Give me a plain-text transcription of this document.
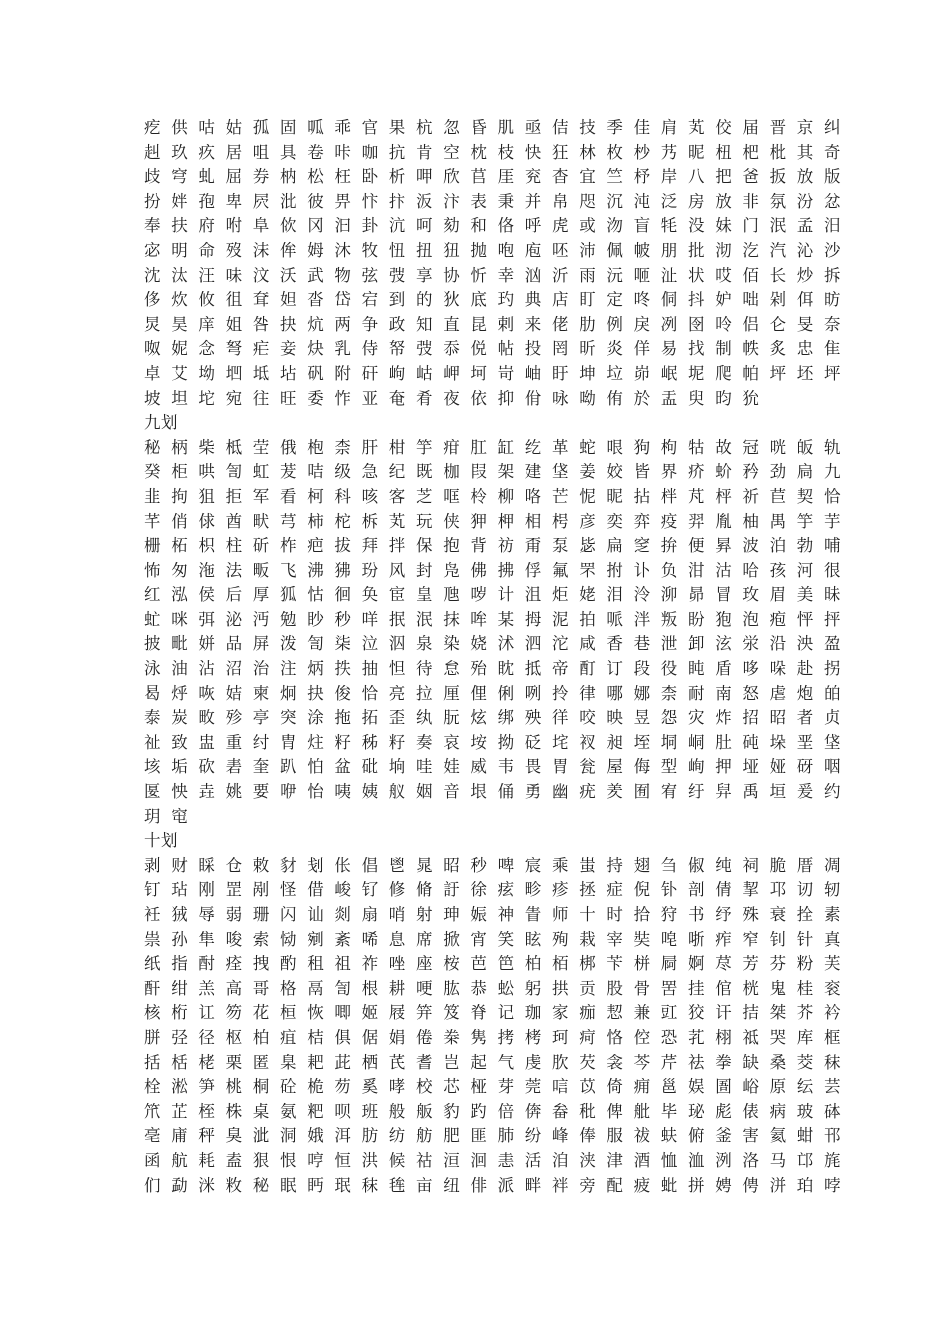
疙供咕姑孤固呱乖官果杭忽昏肌亟佶技季佳肩芄佼届晋京纠
赳玖疚居咀具卷咔咖抗肯空枕枝快狂林枚杪艿昵杻杷枇其奇
歧穹虬屈券枘松枉卧析呷欣苢厓兖杳宜竺杼岸八把爸扳放版
扮姅孢卑屄沘彼畀忭抃汳汴表秉并帛咫沉沌泛房放非氛汾忿
奉扶府咐阜佽冈汩卦沆呵劾和佫呼虎或沕盲牦没妹门泯孟汨
宓明命歿沫侔姆沐牧忸扭狃抛咆庖呸沛佩帔朋批沏汔汽沁沙
沈汰汪味汶沃武物弦弢享协忻幸汹沂雨沅咂沚状哎佰长炒拆
侈炊攸徂耷妲沓岱宕到的狄底玓典店盯定咚侗抖妒咄剁佴昉
炅昊庠姐咎抉炕两争政知直昆剌来佬肋例戾冽囹呤侣仑旻奈
呶妮念弩疟妾炔乳侍帑弢忝侻帖投罔昕炎佯易找制帙炙忠隹
卓艾坳垇坻坫矾附矸岣岵岬坷岢岫盱坤垃峁岷坭爬帕坪坯坪
坡坦坨宛往旺委怍亚奄肴夜依抑佾咏呦侑於盂臾昀狁
九划
秘柄柴柢茔俄枹柰肝柑竽疳肛缸纥革蛇哏狗枸牯故冠咣皈轨
癸柜哄訇虹茇咭级急纪既枷叚架建垡姜姣皆界疥蚧矜劲扃九
韭拘狙拒军看柯科咳客芝哐柃柳咯芒怩昵拈柈芃枰祈苣契恰
芊俏俅酋畎芎柿柁柝芄玩侠狎柙相枵彦奕弈疫羿胤柚禺竽芋
栅柘枳柱斫柞疤拔拜拌保抱背祊甭泵毖扁窆拚便昪波泊勃哺
怖匆沲法畈飞沸狒玢风封凫佛拂俘氟罘拊讣负泔沽哈孩河很
红泓侯后厚狐怙徊奂宦皇虺哕计沮炬姥泪泠泖昴冒玫眉美昧
虻咪弭泌沔勉眇秒咩抿泯抹哞某拇泥拍哌泮叛盼狍泡疱怦抨
披毗姘品屏泼訇柒泣泅泉染娆沭泗沱咸香巷泄卸泫泶沿泱盈
泳油沾沼治注炳抶抽怛待怠殆眈抵帝酊订段役盹盾哆哚赴拐
曷烀咴姞柬炯抉俊恰亮拉厘俚俐咧拎律哪娜柰耐南怒虐炮㿟
泰炭畋殄亭突涂拖拓歪纨朊炫绑殃徉咬映昱怨灾炸招昭者贞
祉致盅重纣胄炷籽秭籽奏哀垵拗砭垞衩昶垤垌峒肚砘垛垩垡
垓垢砍砉奎趴怕盆砒垧哇娃威韦畏胃瓮屋侮型峋押垭娅砑咽
匽怏垚姚要咿怡咦姨舣姻音垠俑勇幽疣羑囿宥纡舁禹垣爰约
玥窀
十划
剥财睬仓敕豺刬伥倡鬯晁昭秒啤宸乘蚩持翅刍俶纯祠脆厝凋
钉玷刚罡剐怪借峻钌修脩訏徐痃畛疹拯症倪钋剖倩挈邛讱轫
衽狨辱弱珊闪讪剡扇哨射珅娠神眚师十时拾狩书纾殊衰拴素
祟孙隼唆索恸剜紊唏息席掀宵笑眩殉栽宰奘唣哳痄窄钊针真
纸指酎痊拽酌租祖祚唑座桉芭笆柏栢梆苄栟屙婀荩芳芬粉芙
酐绀羔高哥格鬲訇根耕哽肱恭蚣躬拱贡股骨罟挂倌桄鬼桂衮
核桁讧笏花桓恢唧姬屐笄笈脊记珈家痂恝兼豇狡讦拮桀芥衿
胼弪径枢柏疽桔俱倨娟倦桊隽拷栲珂疴恪倥恐芤栩祗哭库框
括栝栳栗匿臬耙茈栖芪耆岂起气虔肷芡衾芩芹祛拳缺桑茭秣
栓淞笋桃桐砼桅芴奚哮校芯桠芽莞唁苡倚痈邕娱圄峪原纭芸
笊芷桎株桌氨粑呗班般舨豹趵倍倴畚秕俾舭毕珌彪俵病玻砵
亳庯秤臭泚洞娥洱肪纺舫肥匪肺纷峰俸服祓蚨俯釜害氦蚶邗
函航耗盍狠恨哼恒洪候祜洹洄恚活洎浃津酒恤洫洌洛马邙旄
们勐洣敉秘眠眄珉秣毪亩纽俳派畔袢旁配疲蚍拼娉俜洴珀哱
